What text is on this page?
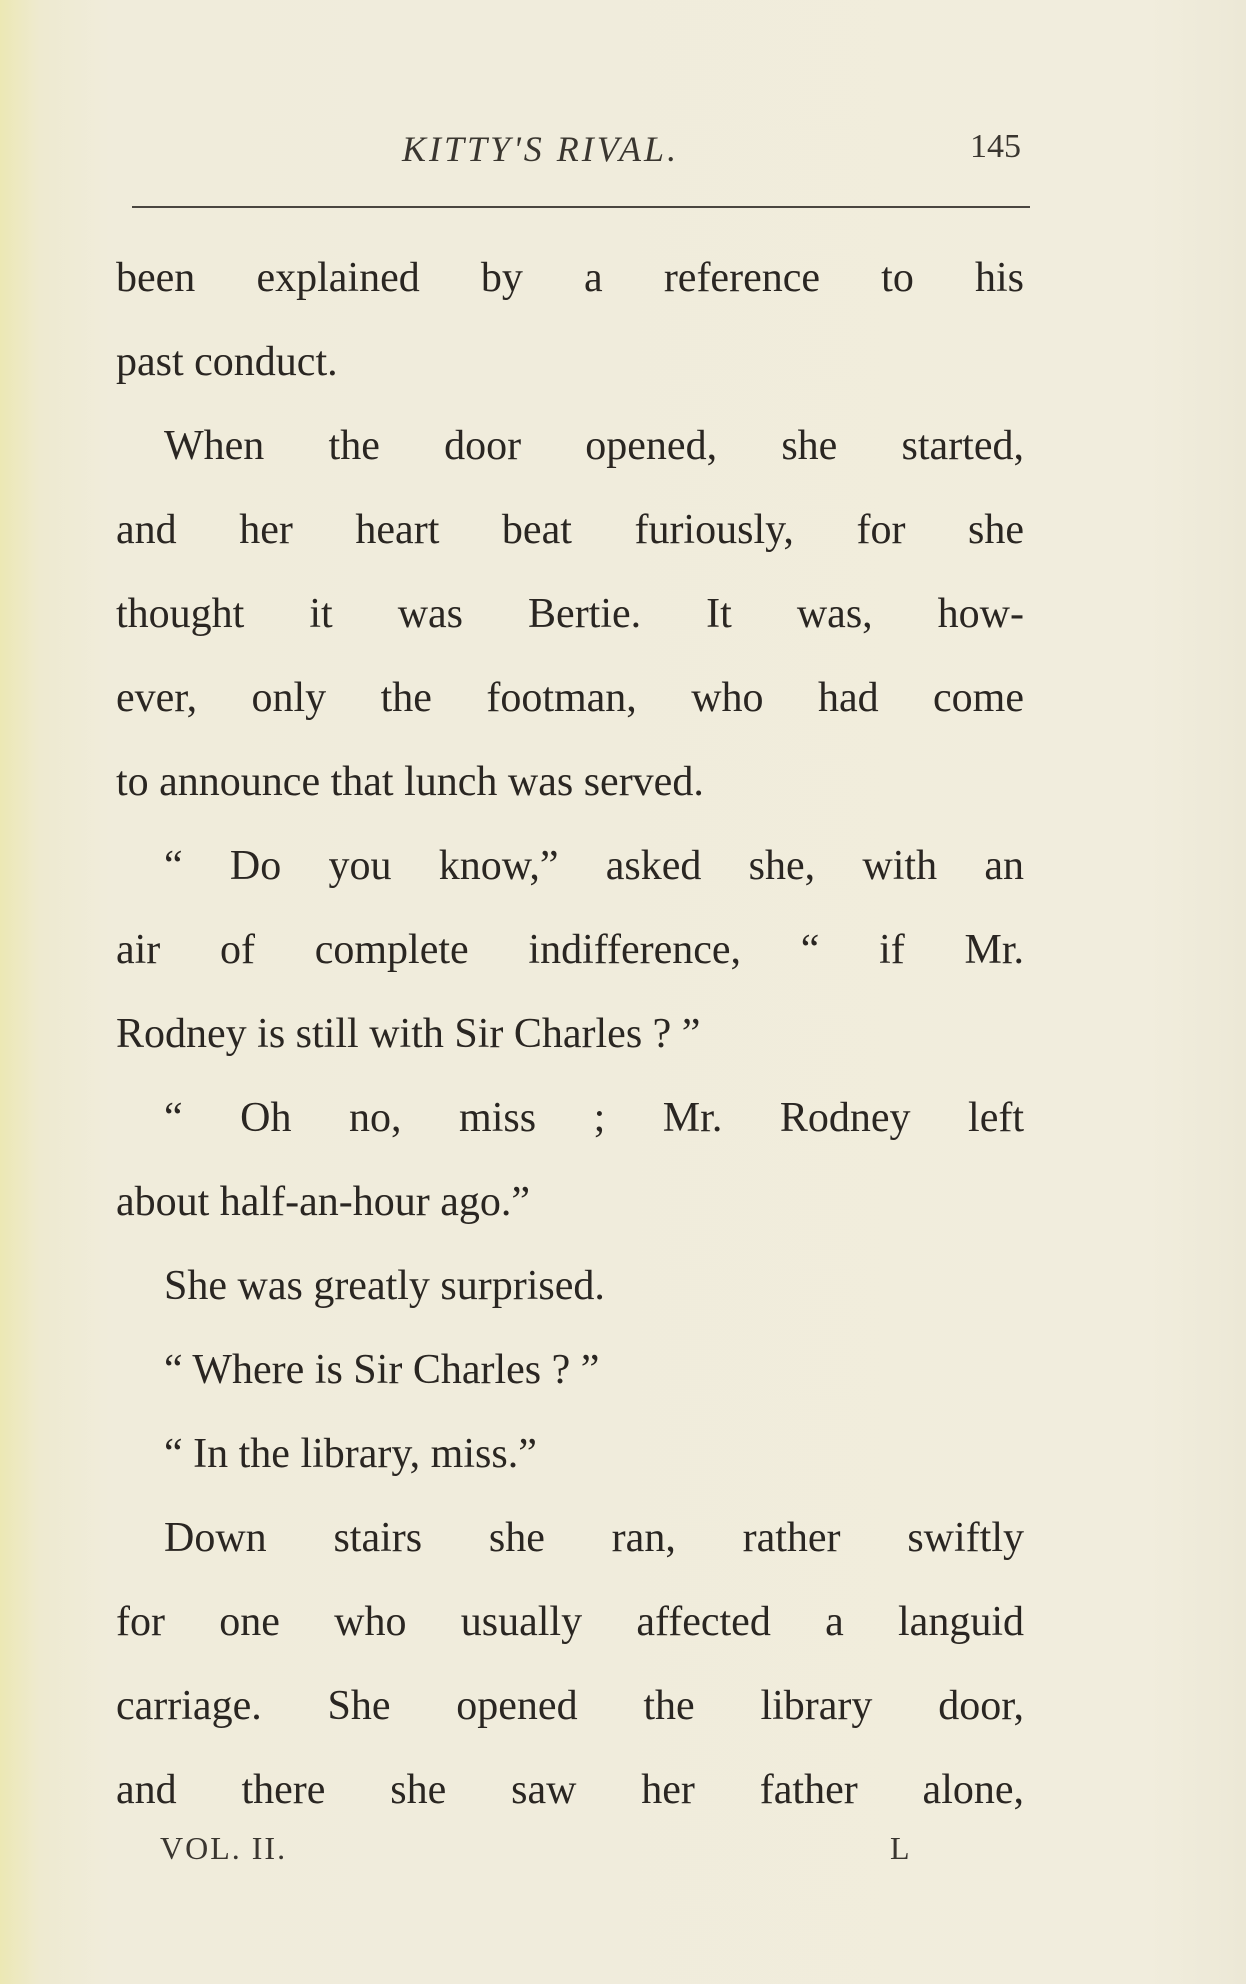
KITTY'S RIVAL.	145
been explained by a reference to his
past conduct.
When the door opened, she started,
and her heart beat furiously, for she
thought it was Bertie. It was, how-
ever, only the footman, who had come
to announce that lunch was served.
“ Do you know,” asked she, with an
air of complete indifference, “ if Mr.
Rodney is still with Sir Charles ? ”
“ Oh no, miss ; Mr. Rodney left
about half-an-hour ago.”
She was greatly surprised.
“ Where is Sir Charles ? ”
“ In the library, miss.”
Down stairs she ran, rather swiftly
for one who usually affected a languid
carriage. She opened the library door,
and there she saw her father alone,
VOL. II.	L
